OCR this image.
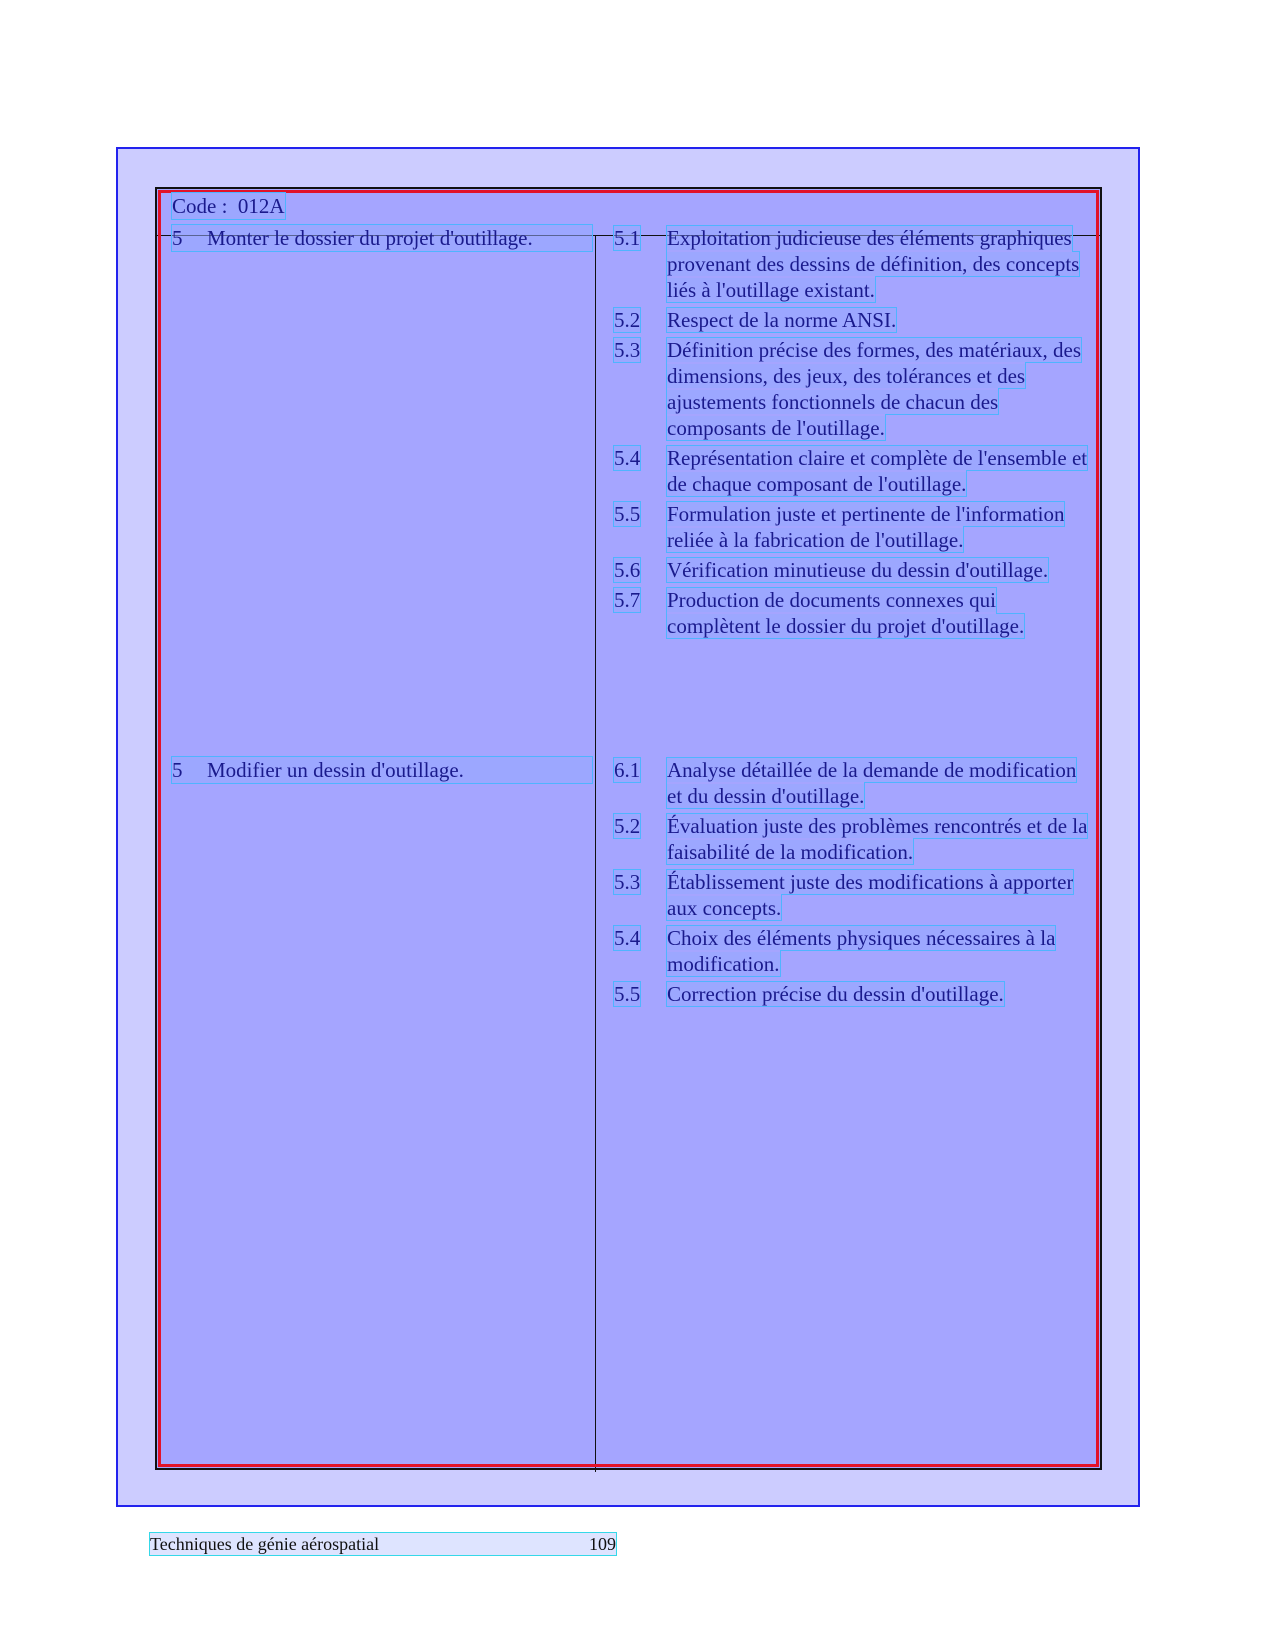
Code :  012A
5	Monter le dossier du projet d'outillage.	5.1	Exploitation judicieuse des éléments graphiques provenant des dessins de définition, des concepts liés à l'outillage existant.
5.2	Respect de la norme ANSI.
5.3	Définition précise des formes, des matériaux, des dimensions, des jeux, des tolérances et des ajustements fonctionnels de chacun des composants de l'outillage.
5.4	Représentation claire et complète de l'ensemble et de chaque composant de l'outillage.
5.5	Formulation juste et pertinente de l'information reliée à la fabrication de l'outillage.
5.6	Vérification minutieuse du dessin d'outillage.
5.7	Production de documents connexes qui complètent le dossier du projet d'outillage.
5	Modifier un dessin d'outillage.	6.1	Analyse détaillée de la demande de modification et du dessin d'outillage.
5.2	Évaluation juste des problèmes rencontrés et de la faisabilité de la modification.
5.3	Établissement juste des modifications à apporter aux concepts.
5.4	Choix des éléments physiques nécessaires à la modification.
5.5	Correction précise du dessin d'outillage.
Techniques de génie aérospatial	109
